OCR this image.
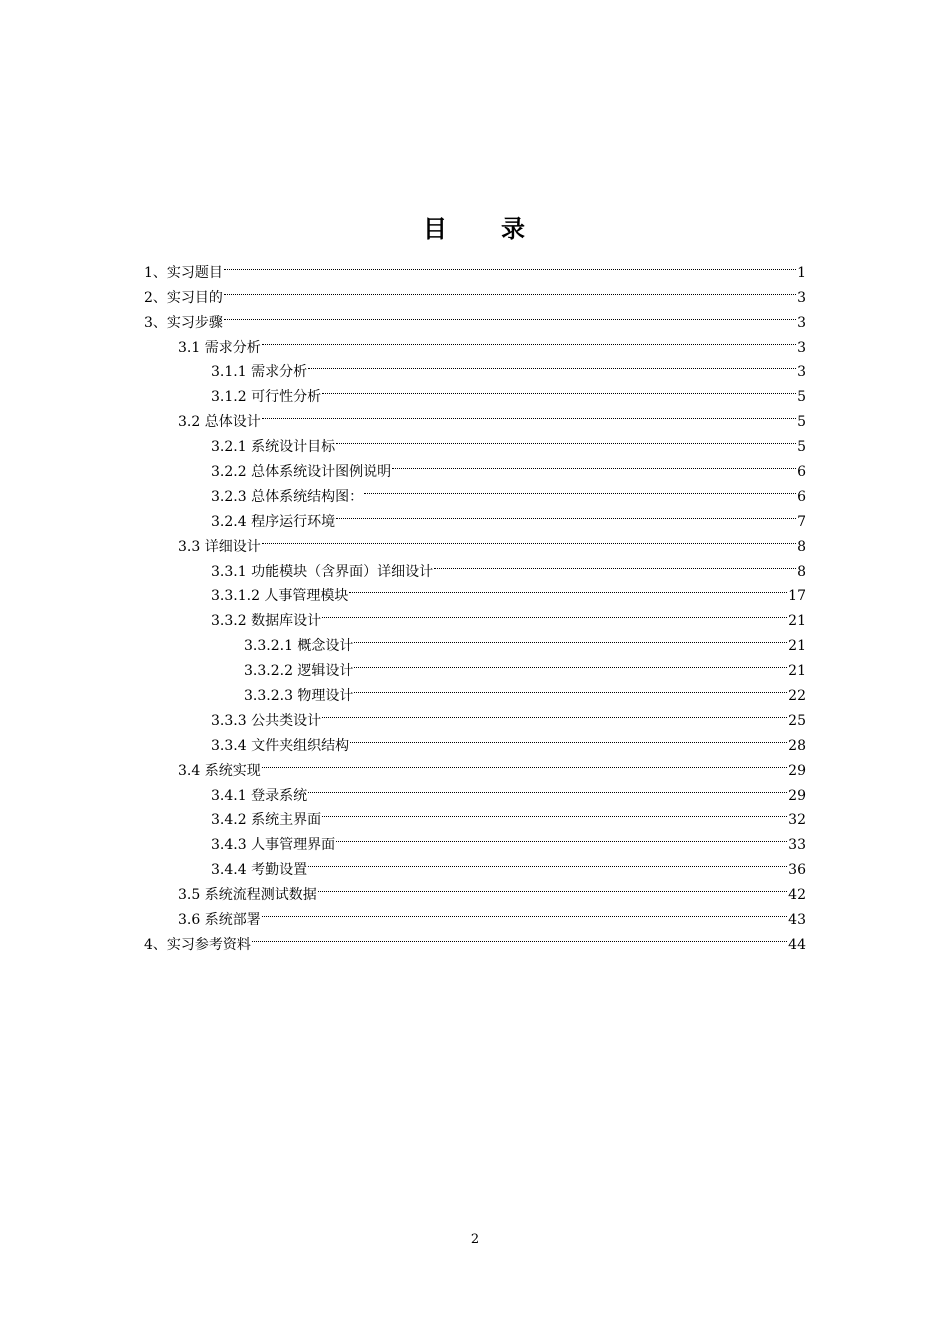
目　　录
1、实习题目	1
2、实习目的	3
3、实习步骤	3
3.1 需求分析	3
3.1.1 需求分析	3
3.1.2 可行性分析	5
3.2 总体设计	5
3.2.1 系统设计目标	5
3.2.2 总体系统设计图例说明	6
3.2.3 总体系统结构图：	6
3.2.4 程序运行环境	7
3.3 详细设计	8
3.3.1 功能模块（含界面）详细设计	8
3.3.1.2 人事管理模块	17
3.3.2 数据库设计	21
3.3.2.1 概念设计	21
3.3.2.2 逻辑设计	21
3.3.2.3 物理设计	22
3.3.3 公共类设计	25
3.3.4 文件夹组织结构	28
3.4 系统实现	29
3.4.1 登录系统	29
3.4.2 系统主界面	32
3.4.3 人事管理界面	33
3.4.4 考勤设置	36
3.5 系统流程测试数据	42
3.6 系统部署	43
4、实习参考资料	44
2
